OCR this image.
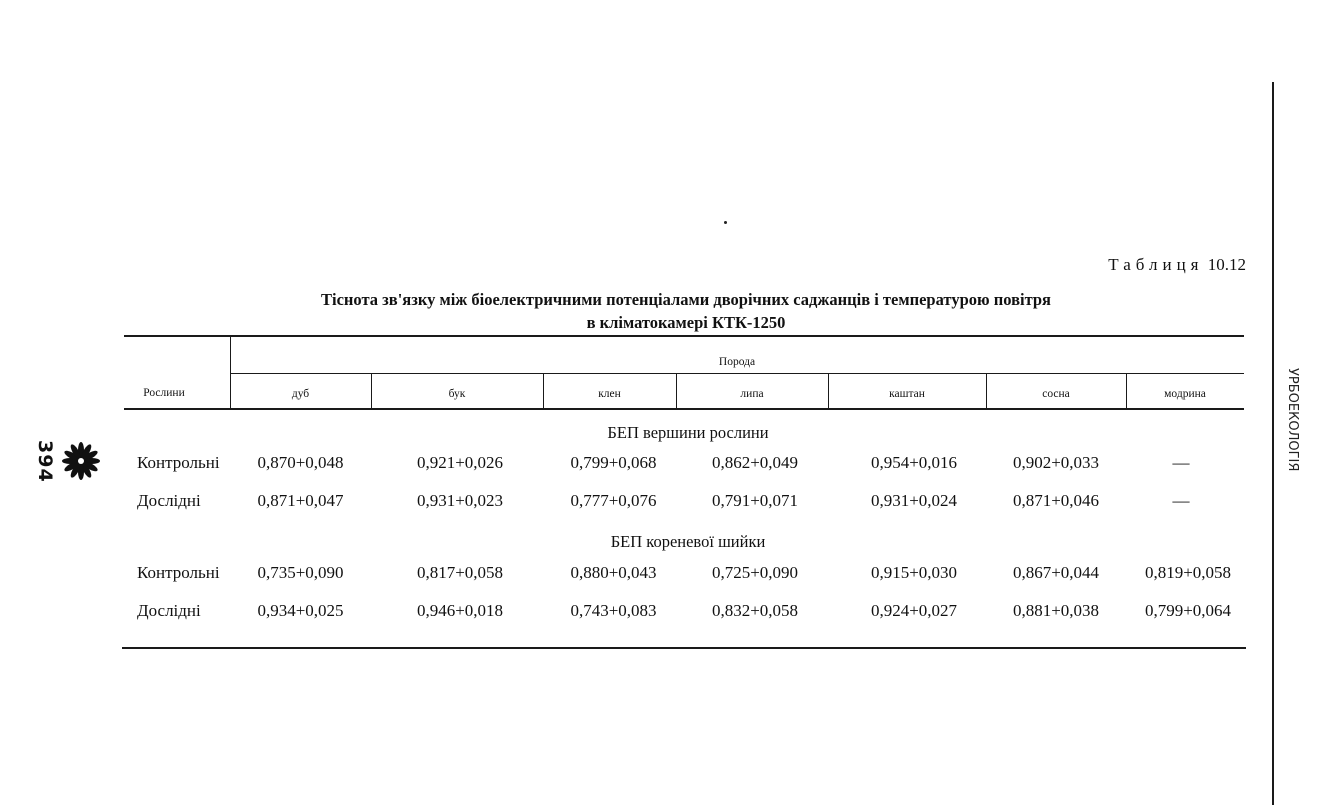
УРБОЕКОЛОГІЯ
394
Таблиця 10.12
Тіснота зв'язку між біоелектричними потенціалами дворічних саджанців і температурою повітря
в кліматокамері КТК-1250
Рослини
Порода
дуб	бук	клен	липа	каштан	сосна	модрина
БЕП вершини рослини
Контрольні	0,870+0,048	0,921+0,026	0,799+0,068	0,862+0,049	0,954+0,016	0,902+0,033	—
Дослідні	0,871+0,047	0,931+0,023	0,777+0,076	0,791+0,071	0,931+0,024	0,871+0,046	—
БЕП кореневої шийки
Контрольні	0,735+0,090	0,817+0,058	0,880+0,043	0,725+0,090	0,915+0,030	0,867+0,044	0,819+0,058
Дослідні	0,934+0,025	0,946+0,018	0,743+0,083	0,832+0,058	0,924+0,027	0,881+0,038	0,799+0,064
